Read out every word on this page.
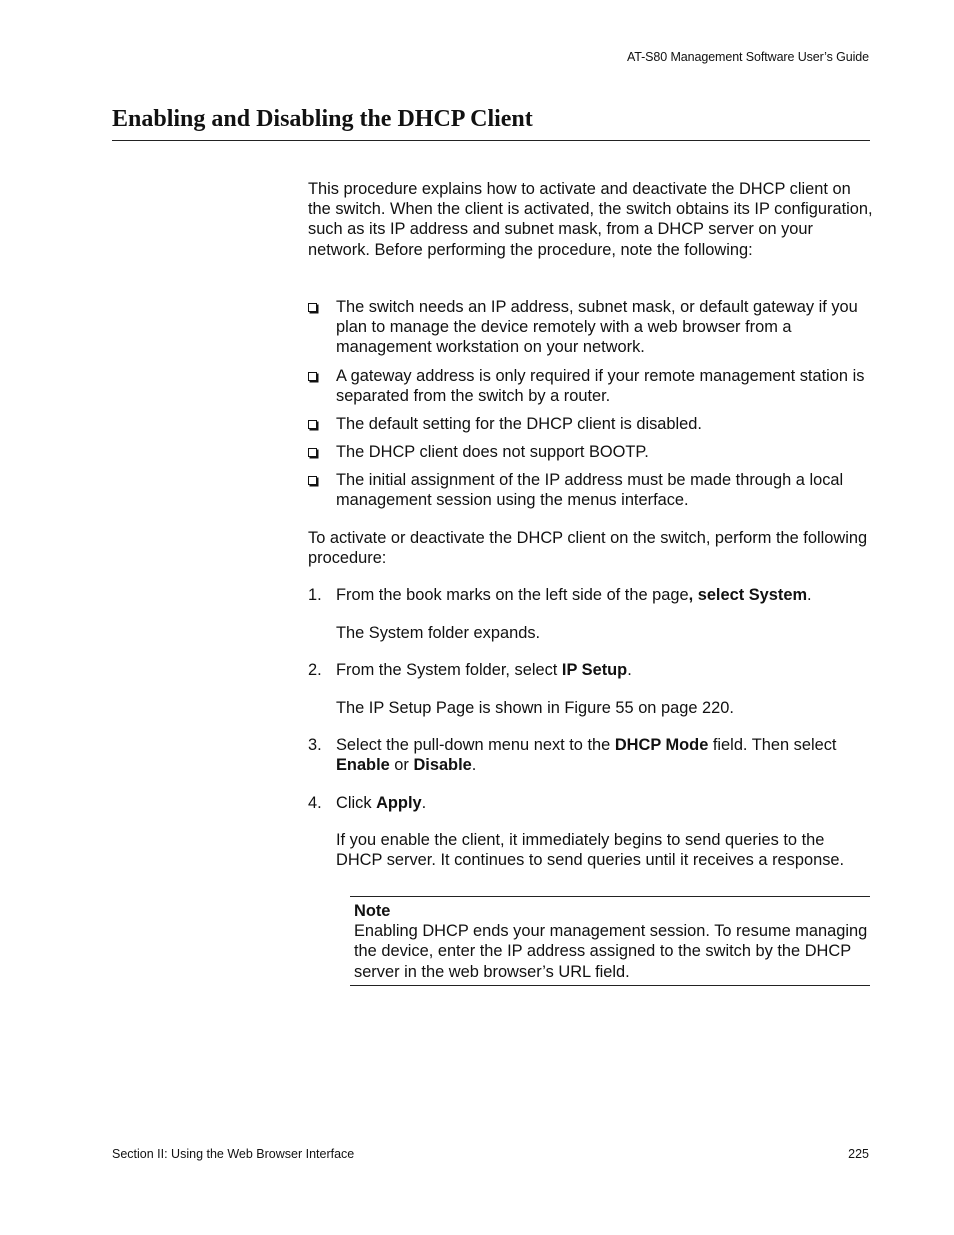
AT-S80 Management Software User’s Guide
Enabling and Disabling the DHCP Client

This procedure explains how to activate and deactivate the DHCP client on the switch. When the client is activated, the switch obtains its IP configuration, such as its IP address and subnet mask, from a DHCP server on your network. Before performing the procedure, note the following:

The switch needs an IP address, subnet mask, or default gateway if you plan to manage the device remotely with a web browser from a management workstation on your network.
A gateway address is only required if your remote management station is separated from the switch by a router.
The default setting for the DHCP client is disabled.
The DHCP client does not support BOOTP.
The initial assignment of the IP address must be made through a local management session using the menus interface.

To activate or deactivate the DHCP client on the switch, perform the following procedure:

1. From the book marks on the left side of the page, select System.
The System folder expands.
2. From the System folder, select IP Setup.
The IP Setup Page is shown in Figure 55 on page 220.
3. Select the pull-down menu next to the DHCP Mode field. Then select Enable or Disable.
4. Click Apply.
If you enable the client, it immediately begins to send queries to the DHCP server. It continues to send queries until it receives a response.
Note
Enabling DHCP ends your management session. To resume managing the device, enter the IP address assigned to the switch by the DHCP server in the web browser’s URL field.
Section II: Using the Web Browser Interface	225
